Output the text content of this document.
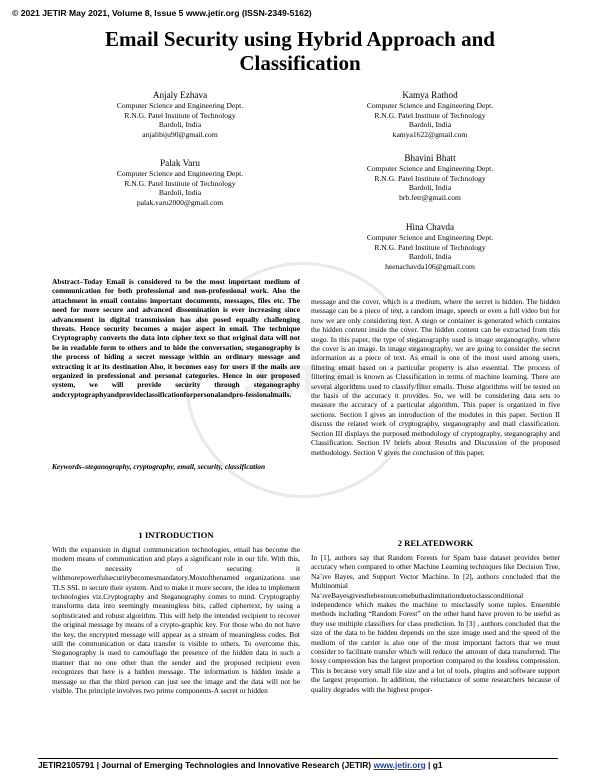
© 2021 JETIR May 2021, Volume 8, Issue 5 www.jetir.org (ISSN-2349-5162)
Email Security using Hybrid Approach and
Classification
Anjaly Ezhava
Computer Science and Engineering Dept.
R.N.G. Patel Institute of Technology
Bardoli, India
anjalibiju90@gmail.com
Kamya Rathod
Computer Science and Engineering Dept.
R.N.G. Patel Institute of Technology
Bardoli, India
kamya1622@gmail.com
Palak Varu
Computer Science and Engineering Dept.
R.N.G. Patel Institute of Technology
Bardoli, India
palak.varu2000@gmail.com
Bhavini Bhatt
Computer Science and Engineering Dept.
R.N.G. Patel Institute of Technology
Bardoli, India
brb.fetr@gmail.com
Hina Chavda
Computer Science and Engineering Dept.
R.N.G. Patel Institute of Technology
Bardoli, India
heenachavda106@gmail.com
JETIR
Abstract–Today Email is considered to be the most important medium of communication for both professional and non-professional work. Also the attachment in email contains important documents, messages, files etc. The need for more secure and advanced dissemination is ever increasing since advancement in digital transmission has also posed equally challenging threats. Hence security becomes a major aspect in email. The technique Cryptography converts the data into cipher text so that original data will not be in readable form to others and to hide the conversation, steganography is the process of hiding a secret message within an ordinary message and extracting it at its destination Also, it becomes easy for users if the mails are organized in professional and personal categories. Hence in our proposed system, we will provide security through steganography andcryptographyandprovideclassificationforpersonalandpro-fessionalmails.
Keywords–steganography, cryptography, email, security, classification
1 INTRODUCTION
With the expansion in digital communication technologies, email has become the modern means of communication and plays a significant role in our life. With this, the necessity of securing it withmorepowerfulsecuritybecomesmandatory.Mostofthenamed organizations use TLS SSL to secure their system. And to make it more secure, the idea to implement technologies viz.Cryptography and Steganography comes to mind. Cryptography transforms data into seemingly meaningless bits, called ciphertext, by using a sophisticated and robust algorithm. This will help the intended recipient to recover the original message by means of a crypto-graphic key. For those who do not have the key, the encrypted message will appear as a stream of meaningless codes. But still the communication or data transfer is visible to others. To overcome this, Steganography is used to camouflage the presence of the hidden data in such a manner that no one other than the sender and the proposed recipient even recognizes that here is a hidden message. The information is hidden inside a message so that the third person can just see the image and the data will not be visible. The principle involves two prime components-A secret or hidden
message and the cover, which is a medium, where the secret is hidden. The hidden message can be a piece of text, a random image, speech or even a full video but for now we are only considering text. A stego or container is generated which contains the hidden content inside the cover. The hidden content can be extracted from this stego. In this paper, the type of steganography used is image steganography, where the cover is an image. In image steganography, we are going to consider the secret information as a piece of text. As email is one of the most used among users, filtering email based on a particular property is also essential. The process of filtering email is known as Classification in terms of machine learning. There are several algorithms used to classify/filter emails. These algorithms will be tested on the basis of the accuracy it provides. So, we will be considering data sets to measure the accuracy of a particular algorithm. This paper is organized in five sections. Section I gives an introduction of the modules in this paper. Section II discuss the related work of cryptography, steganography and mail classification. Section III displays the purposed methodology of cryptography, steganography and Classification. Section IV briefs about Results and Discussion of the proposed methodology. Section V gives the conclusion of this paper.
2 RELATEDWORK
In [1], authors say that Random Forests for Spam base dataset provides better accuracy when compared to other Machine Learning techniques like Decision Tree, Na¨ıve Bayes, and Support Vector Machine. In [2], authors concluded that the Multinomial Na¨ıveBayesgivesthebestoutcomebutbaslimitationduetoclassconditional independence which makes the machine to misclassify some tuples. Ensemble methods including “Random Forest” on the other hand have proven to be useful as they use multiple classifiers for class prediction. In [3] , authors concluded that the size of the data to be hidden depends on the size image used and the speed of the medium of the carrier is also one of the most important factors that we must consider to facilitate transfer which will reduce the amount of data transferred. The lossy compression has the largest proportion compared to the lossless compression. This is because very small file size and a lot of tools, plugins and software support the largest proportion. In addition, the reluctance of some researchers because of quality degrades with the highest propor-
JETIR2105791 | Journal of Emerging Technologies and Innovative Research (JETIR) www.jetir.org | g1
